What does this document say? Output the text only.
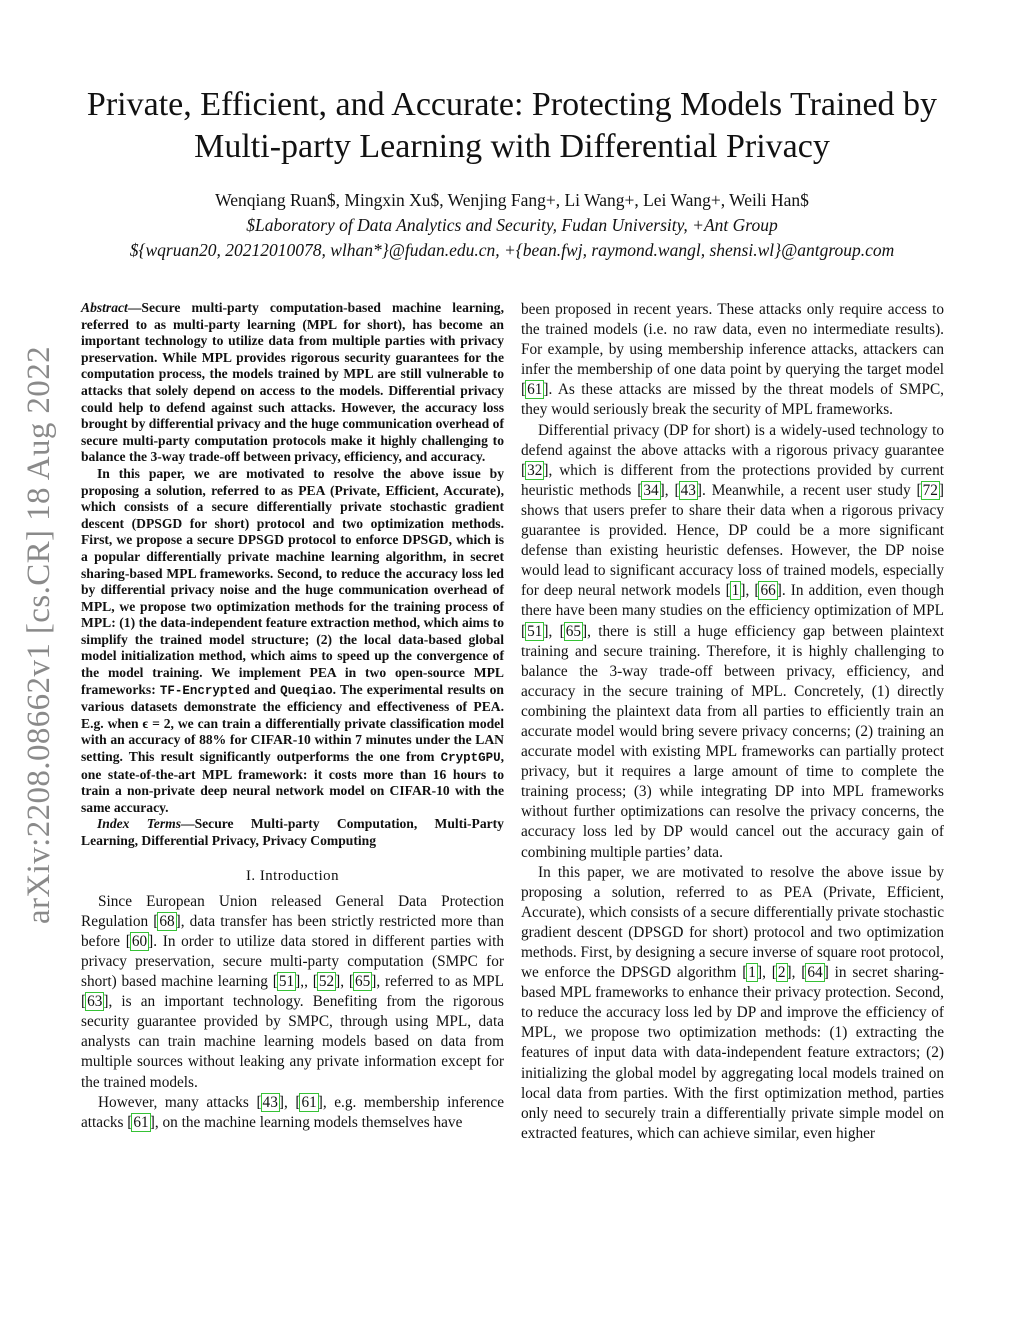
arXiv:2208.08662v1 [cs.CR] 18 Aug 2022
Private, Efficient, and Accurate: Protecting Models Trained by
Multi-party Learning with Differential Privacy
Wenqiang Ruan$, Mingxin Xu$, Wenjing Fang+, Li Wang+, Lei Wang+, Weili Han$
$Laboratory of Data Analytics and Security, Fudan University, +Ant Group
${wqruan20, 20212010078, wlhan*}@fudan.edu.cn, +{bean.fwj, raymond.wangl, shensi.wl}@antgroup.com

Abstract—Secure multi-party computation-based machine learning, referred to as multi-party learning (MPL for short), has become an important technology to utilize data from multiple parties with privacy preservation. While MPL provides rigorous security guarantees for the computation process, the models trained by MPL are still vulnerable to attacks that solely depend on access to the models. Differential privacy could help to defend against such attacks. However, the accuracy loss brought by differential privacy and the huge communication overhead of secure multi-party computation protocols make it highly challenging to balance the 3-way trade-off between privacy, efficiency, and accuracy.

In this paper, we are motivated to resolve the above issue by proposing a solution, referred to as PEA (Private, Efficient, Accurate), which consists of a secure differentially private stochastic gradient descent (DPSGD for short) protocol and two optimization methods. First, we propose a secure DPSGD protocol to enforce DPSGD, which is a popular differentially private machine learning algorithm, in secret sharing-based MPL frameworks. Second, to reduce the accuracy loss led by differential privacy noise and the huge communication overhead of MPL, we propose two optimization methods for the training process of MPL: (1) the data-independent feature extraction method, which aims to simplify the trained model structure; (2) the local data-based global model initialization method, which aims to speed up the convergence of the model training. We implement PEA in two open-source MPL frameworks: TF-Encrypted and Queqiao. The experimental results on various datasets demonstrate the efficiency and effectiveness of PEA. E.g. when ϵ = 2, we can train a differentially private classification model with an accuracy of 88% for CIFAR-10 within 7 minutes under the LAN setting. This result significantly outperforms the one from CryptGPU, one state-of-the-art MPL framework: it costs more than 16 hours to train a non-private deep neural network model on CIFAR-10 with the same accuracy.

Index Terms—Secure Multi-party Computation, Multi-Party Learning, Differential Privacy, Privacy Computing

I. Introduction

Since European Union released General Data Protection Regulation [68], data transfer has been strictly restricted more than before [60]. In order to utilize data stored in different parties with privacy preservation, secure multi-party computation (SMPC for short) based machine learning [51],, [52], [65], referred to as MPL [63], is an important technology. Benefiting from the rigorous security guarantee provided by SMPC, through using MPL, data analysts can train machine learning models based on data from multiple sources without leaking any private information except for the trained models.

However, many attacks [43], [61], e.g. membership inference attacks [61], on the machine learning models themselves have

been proposed in recent years. These attacks only require access to the trained models (i.e. no raw data, even no intermediate results). For example, by using membership inference attacks, attackers can infer the membership of one data point by querying the target model [61]. As these attacks are missed by the threat models of SMPC, they would seriously break the security of MPL frameworks.

Differential privacy (DP for short) is a widely-used technology to defend against the above attacks with a rigorous privacy guarantee [32], which is different from the protections provided by current heuristic methods [34], [43]. Meanwhile, a recent user study [72] shows that users prefer to share their data when a rigorous privacy guarantee is provided. Hence, DP could be a more significant defense than existing heuristic defenses. However, the DP noise would lead to significant accuracy loss of trained models, especially for deep neural network models [1], [66]. In addition, even though there have been many studies on the efficiency optimization of MPL [51], [65], there is still a huge efficiency gap between plaintext training and secure training. Therefore, it is highly challenging to balance the 3-way trade-off between privacy, efficiency, and accuracy in the secure training of MPL. Concretely, (1) directly combining the plaintext data from all parties to efficiently train an accurate model would bring severe privacy concerns; (2) training an accurate model with existing MPL frameworks can partially protect privacy, but it requires a large amount of time to complete the training process; (3) while integrating DP into MPL frameworks without further optimizations can resolve the privacy concerns, the accuracy loss led by DP would cancel out the accuracy gain of combining multiple parties’ data.

In this paper, we are motivated to resolve the above issue by proposing a solution, referred to as PEA (Private, Efficient, Accurate), which consists of a secure differentially private stochastic gradient descent (DPSGD for short) protocol and two optimization methods. First, by designing a secure inverse of square root protocol, we enforce the DPSGD algorithm [1], [2], [64] in secret sharing-based MPL frameworks to enhance their privacy protection. Second, to reduce the accuracy loss led by DP and improve the efficiency of MPL, we propose two optimization methods: (1) extracting the features of input data with data-independent feature extractors; (2) initializing the global model by aggregating local models trained on local data from parties. With the first optimization method, parties only need to securely train a differentially private simple model on extracted features, which can achieve similar, even higher
